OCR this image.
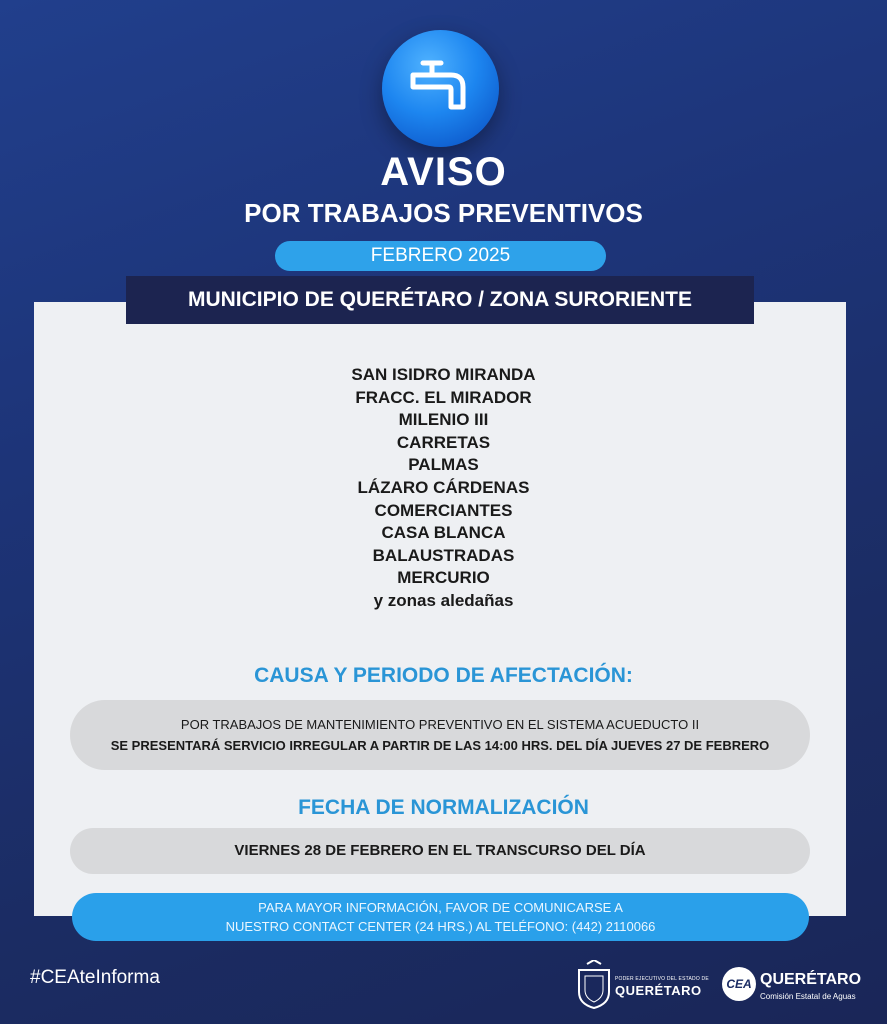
AVISO
POR TRABAJOS PREVENTIVOS
FEBRERO 2025
MUNICIPIO DE QUERÉTARO / ZONA SURORIENTE
SAN ISIDRO MIRANDA
FRACC. EL MIRADOR
MILENIO III
CARRETAS
PALMAS
LÁZARO CÁRDENAS
COMERCIANTES
CASA BLANCA
BALAUSTRADAS
MERCURIO
y zonas aledañas
CAUSA Y PERIODO DE AFECTACIÓN:
POR TRABAJOS DE MANTENIMIENTO PREVENTIVO EN EL SISTEMA ACUEDUCTO II
SE PRESENTARÁ SERVICIO IRREGULAR A PARTIR DE LAS 14:00 HRS. DEL DÍA JUEVES 27 DE FEBRERO
FECHA DE NORMALIZACIÓN
VIERNES 28 DE FEBRERO EN EL TRANSCURSO DEL DÍA
PARA MAYOR INFORMACIÓN, FAVOR DE COMUNICARSE A
NUESTRO CONTACT CENTER (24 HRS.) AL TELÉFONO: (442) 2110066
#CEAteInforma	PODER EJECUTIVO DEL ESTADO DE
QUERÉTARO	CEA QUERÉTARO
Comisión Estatal de Aguas
